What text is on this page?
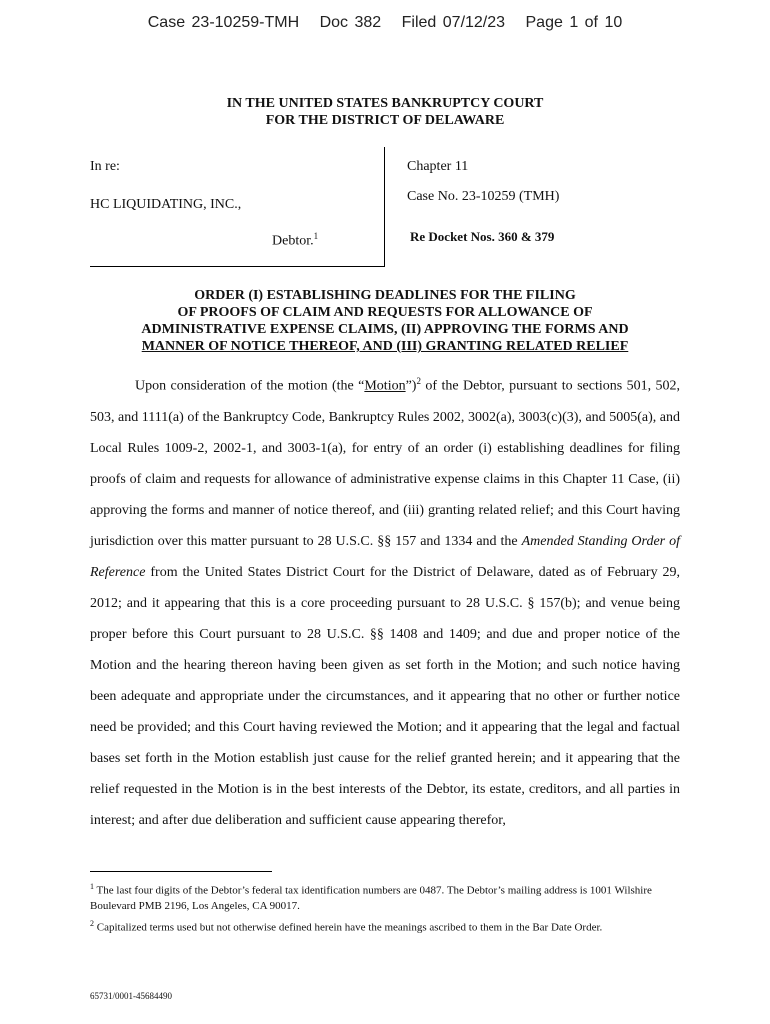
Case 23-10259-TMH Doc 382 Filed 07/12/23 Page 1 of 10
IN THE UNITED STATES BANKRUPTCY COURT
FOR THE DISTRICT OF DELAWARE
In re:
HC LIQUIDATING, INC.,
Debtor.$^1$
Chapter 11
Case No. 23-10259 (TMH)
Re Docket Nos. 360 & 379
ORDER (I) ESTABLISHING DEADLINES FOR THE FILING
OF PROOFS OF CLAIM AND REQUESTS FOR ALLOWANCE OF
ADMINISTRATIVE EXPENSE CLAIMS, (II) APPROVING THE FORMS AND
MANNER OF NOTICE THEREOF, AND (III) GRANTING RELATED RELIEF
Upon consideration of the motion (the “Motion”)$^2$ of the Debtor, pursuant to sections 501, 502, 503, and 1111(a) of the Bankruptcy Code, Bankruptcy Rules 2002, 3002(a), 3003(c)(3), and 5005(a), and Local Rules 1009-2, 2002-1, and 3003-1(a), for entry of an order (i) establishing deadlines for filing proofs of claim and requests for allowance of administrative expense claims in this Chapter 11 Case, (ii) approving the forms and manner of notice thereof, and (iii) granting related relief; and this Court having jurisdiction over this matter pursuant to 28 U.S.C. §§ 157 and 1334 and the Amended Standing Order of Reference from the United States District Court for the District of Delaware, dated as of February 29, 2012; and it appearing that this is a core proceeding pursuant to 28 U.S.C. § 157(b); and venue being proper before this Court pursuant to 28 U.S.C. §§ 1408 and 1409; and due and proper notice of the Motion and the hearing thereon having been given as set forth in the Motion; and such notice having been adequate and appropriate under the circumstances, and it appearing that no other or further notice need be provided; and this Court having reviewed the Motion; and it appearing that the legal and factual bases set forth in the Motion establish just cause for the relief granted herein; and it appearing that the relief requested in the Motion is in the best interests of the Debtor, its estate, creditors, and all parties in interest; and after due deliberation and sufficient cause appearing therefor,
$^1$ The last four digits of the Debtor’s federal tax identification numbers are 0487. The Debtor’s mailing address is 1001 Wilshire Boulevard PMB 2196, Los Angeles, CA 90017.
$^2$ Capitalized terms used but not otherwise defined herein have the meanings ascribed to them in the Bar Date Order.
65731/0001-45684490
